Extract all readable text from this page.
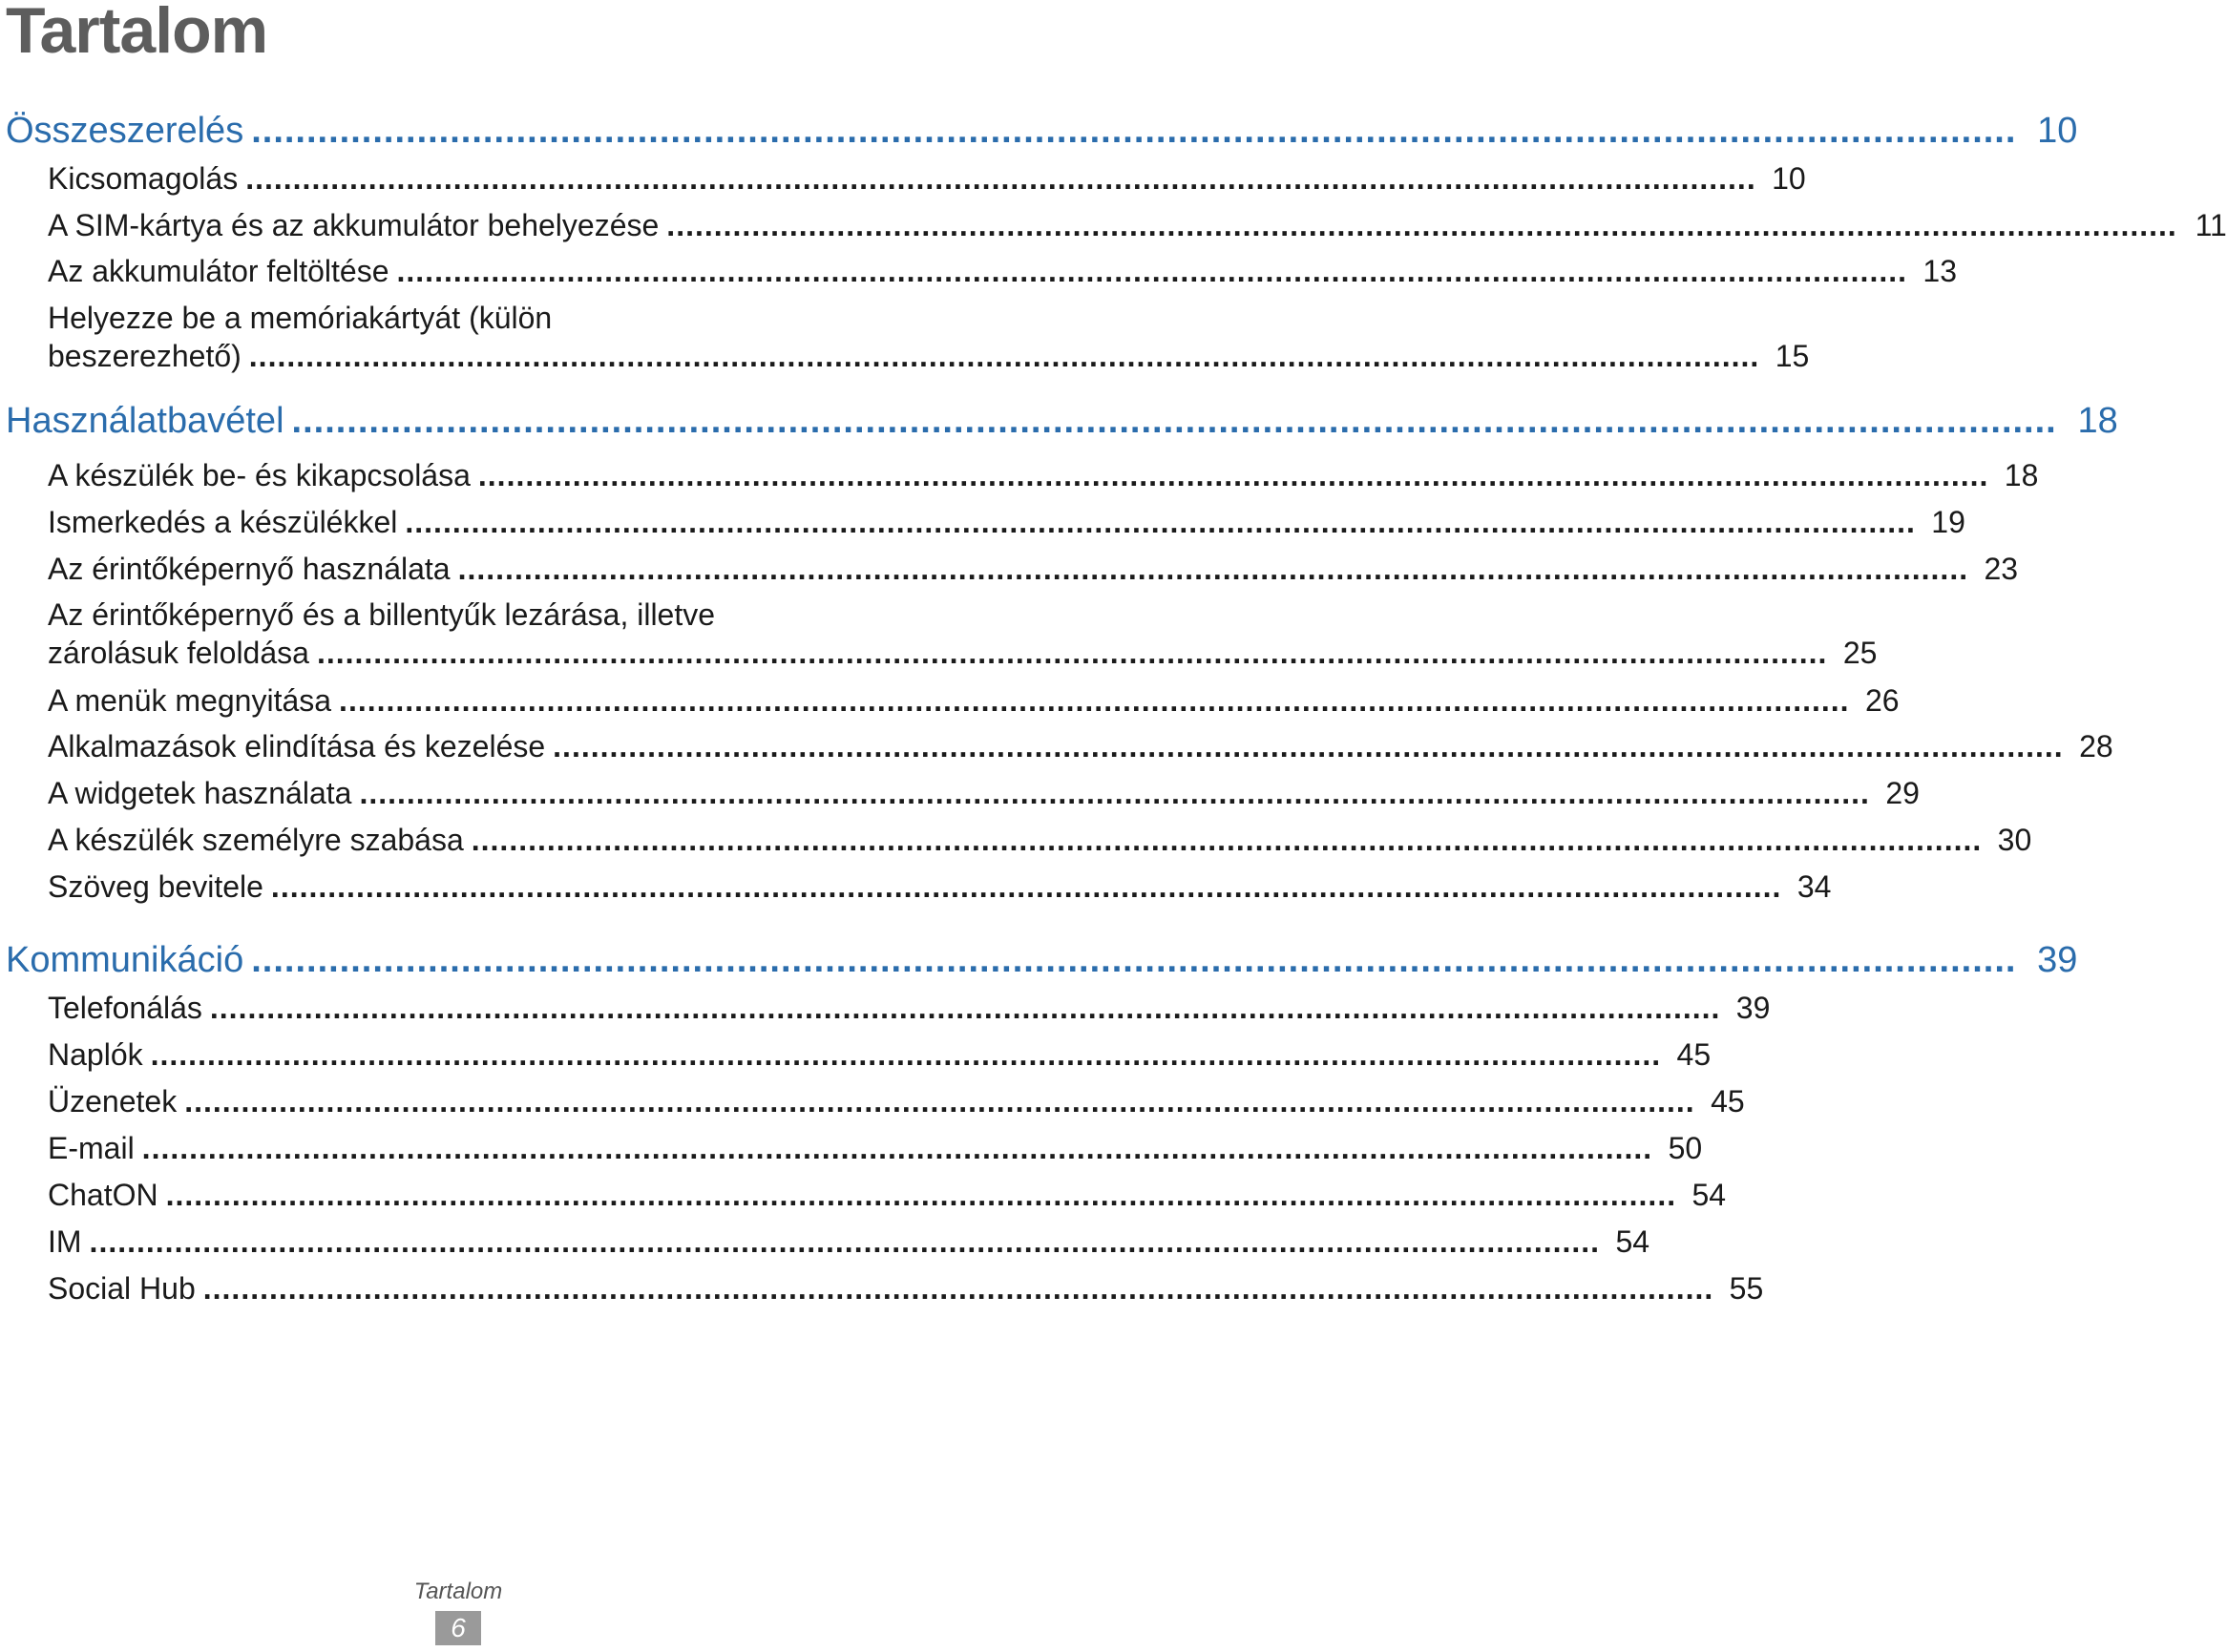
Tartalom
Összeszerelés ................................................................................................................................................................ 10
Kicsomagolás ................................................................................................................................................................ 10
A SIM-kártya és az akkumulátor behelyezése ................................................................................................................................................................ 11
Az akkumulátor feltöltése ................................................................................................................................................................ 13
Helyezze be a memóriakártyát (külön
beszerezhető) ................................................................................................................................................................ 15
Használatbavétel ................................................................................................................................................................ 18
A készülék be- és kikapcsolása ................................................................................................................................................................ 18
Ismerkedés a készülékkel ................................................................................................................................................................ 19
Az érintőképernyő használata ................................................................................................................................................................ 23
Az érintőképernyő és a billentyűk lezárása, illetve
zárolásuk feloldása ................................................................................................................................................................ 25
A menük megnyitása ................................................................................................................................................................ 26
Alkalmazások elindítása és kezelése ................................................................................................................................................................ 28
A widgetek használata ................................................................................................................................................................ 29
A készülék személyre szabása ................................................................................................................................................................ 30
Szöveg bevitele ................................................................................................................................................................ 34
Kommunikáció ................................................................................................................................................................ 39
Telefonálás ................................................................................................................................................................ 39
Naplók ................................................................................................................................................................ 45
Üzenetek ................................................................................................................................................................ 45
E-mail ................................................................................................................................................................ 50
ChatON ................................................................................................................................................................ 54
IM ................................................................................................................................................................ 54
Social Hub ................................................................................................................................................................ 55
Tartalom
6
